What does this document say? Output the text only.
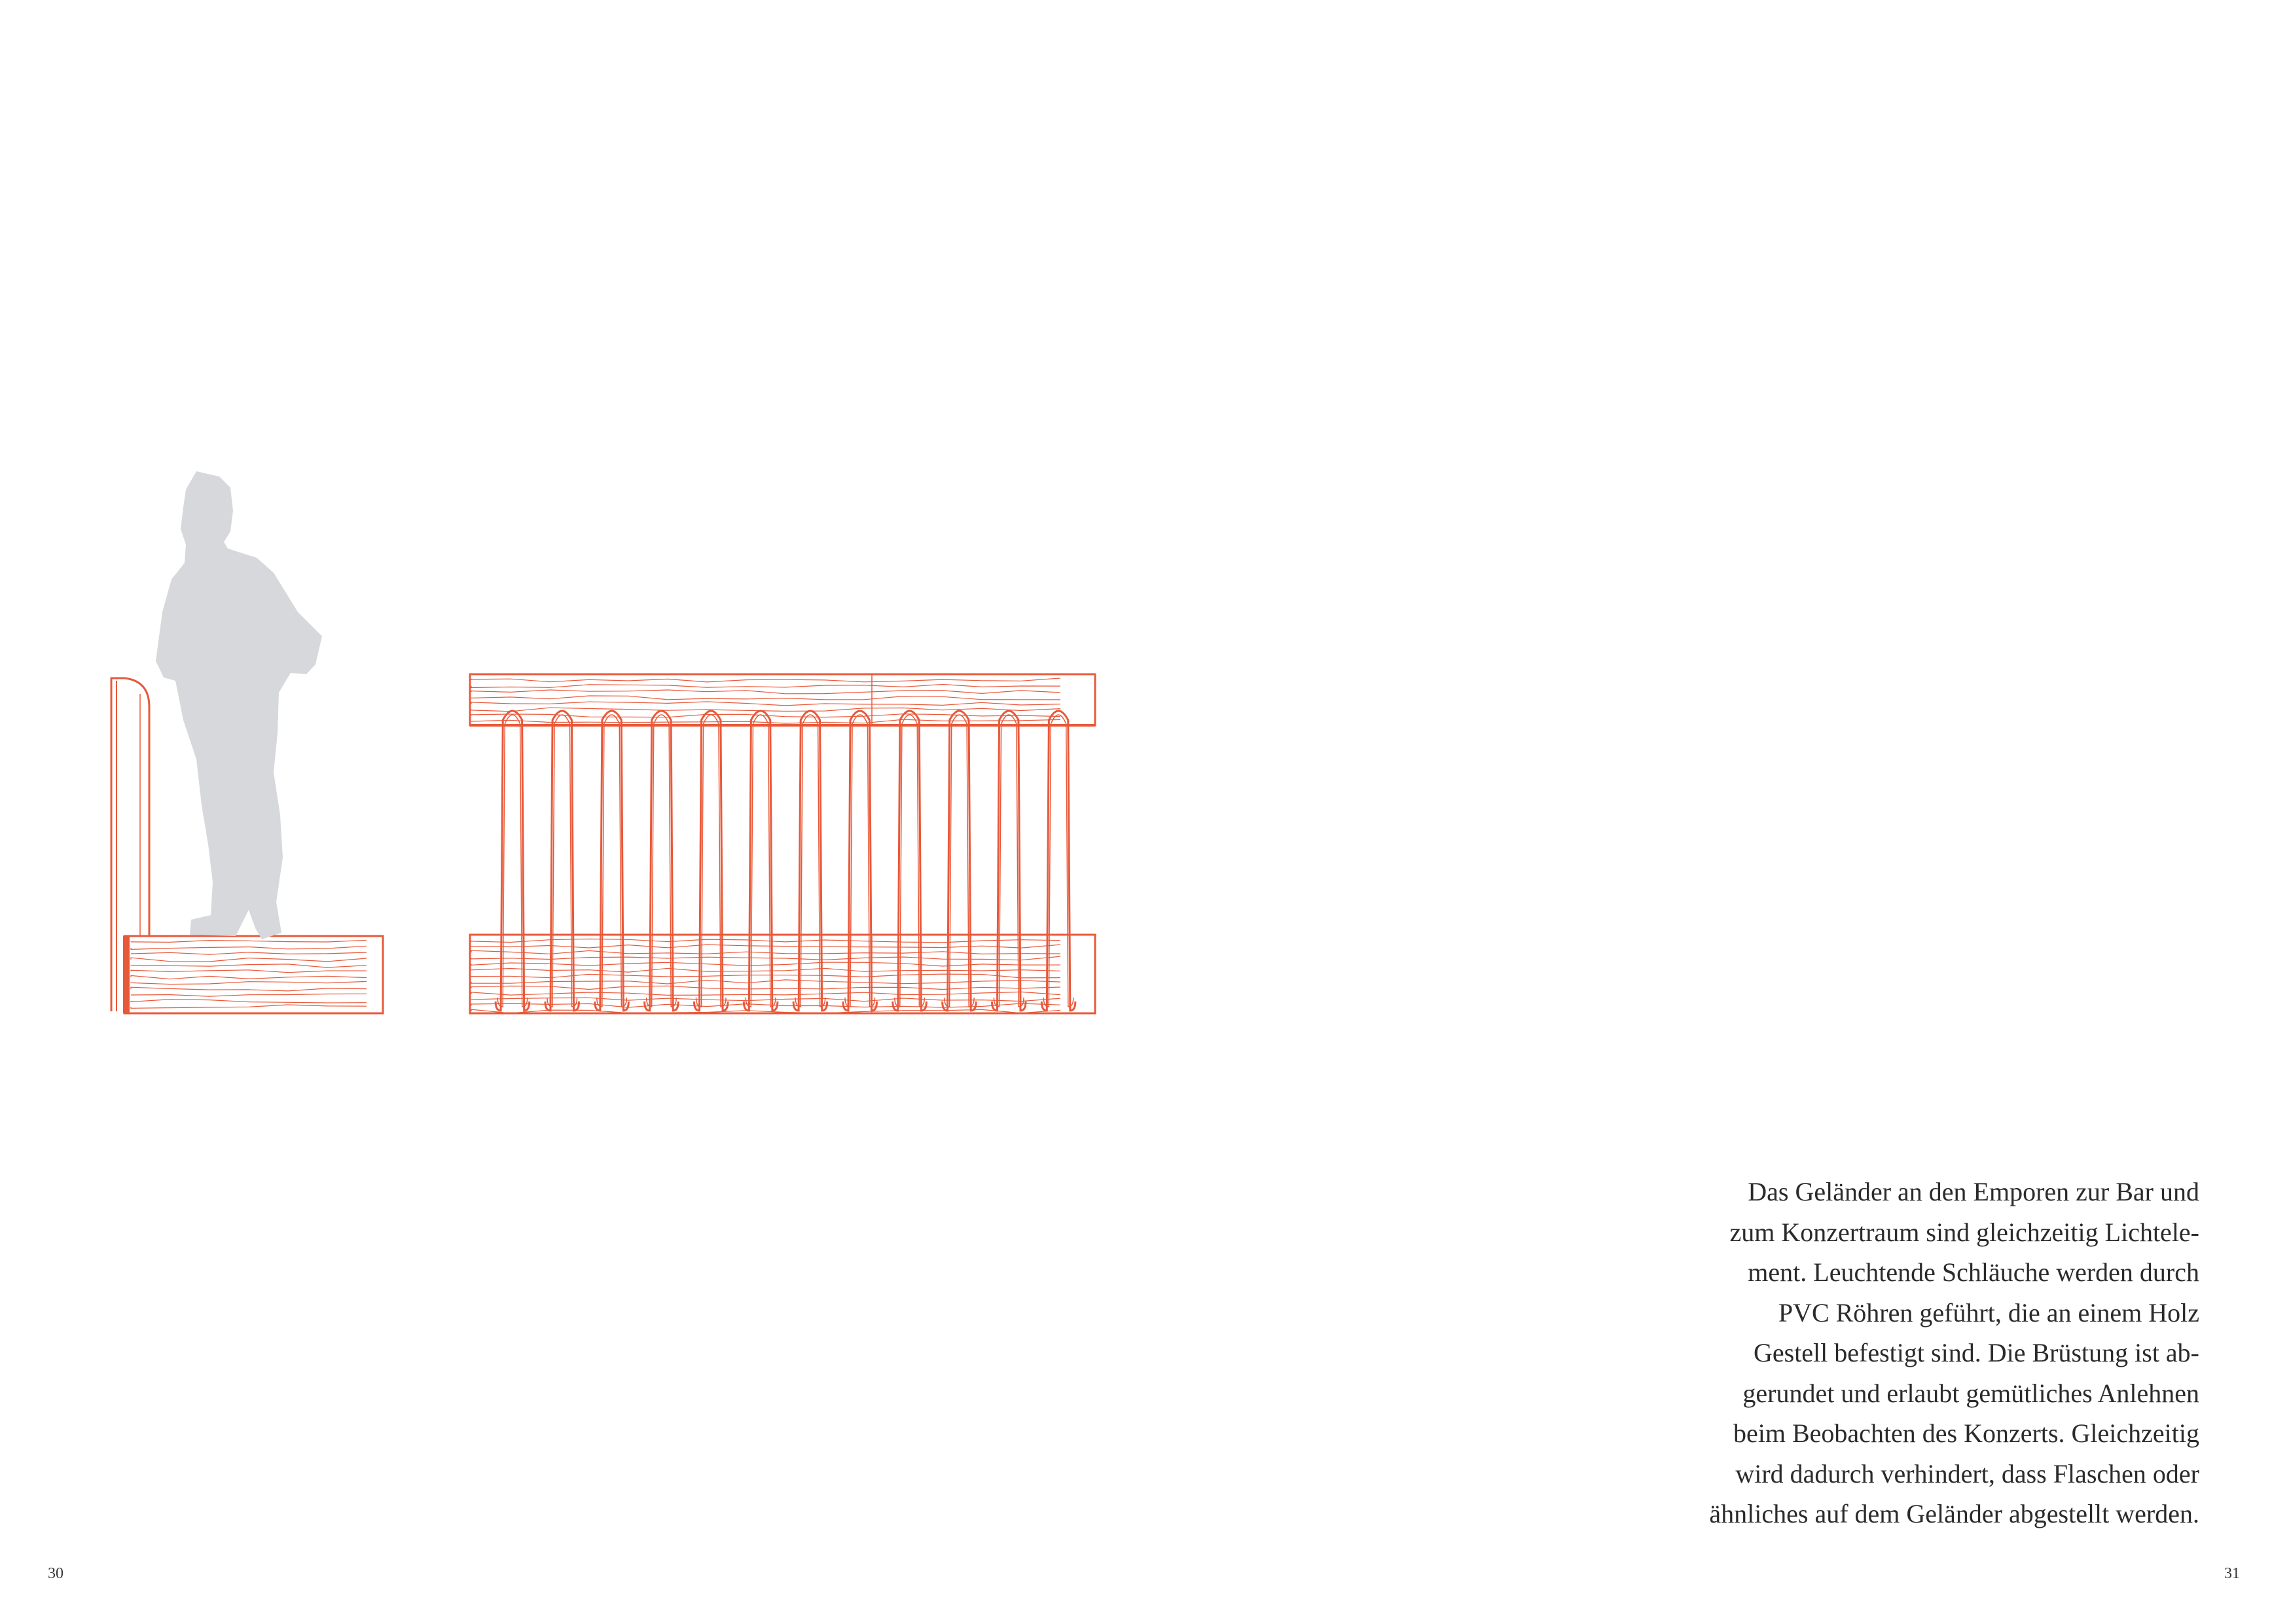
Das Geländer an den Emporen zur Bar und
zum Konzertraum sind gleichzeitig Lichtele-
ment. Leuchtende Schläuche werden durch
PVC Röhren geführt, die an einem Holz
Gestell befestigt sind. Die Brüstung ist ab-
gerundet und erlaubt gemütliches Anlehnen
beim Beobachten des Konzerts. Gleichzeitig
wird dadurch verhindert, dass Flaschen oder
ähnliches auf dem Geländer abgestellt werden.
30	31
